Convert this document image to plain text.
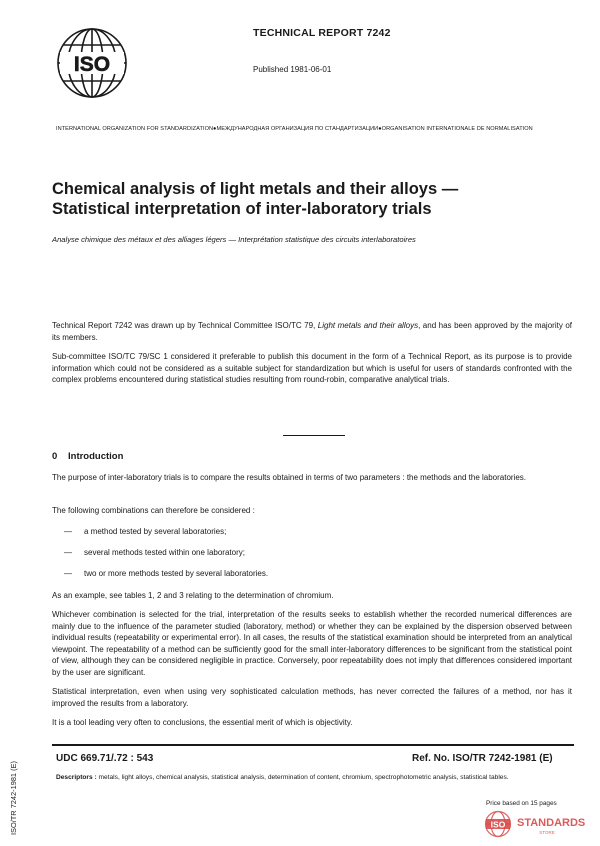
ISO
TECHNICAL REPORT 7242
Published 1981-06-01
INTERNATIONAL ORGANIZATION FOR STANDARDIZATION●МЕЖДУНАРОДНАЯ ОРГАНИЗАЦИЯ ПО СТАНДАРТИЗАЦИИ●ORGANISATION INTERNATIONALE DE NORMALISATION
Chemical analysis of light metals and their alloys —
Statistical interpretation of inter-laboratory trials
Analyse chimique des métaux et des alliages légers — Interprétation statistique des circuits interlaboratoires
Technical Report 7242 was drawn up by Technical Committee ISO/TC 79, Light metals and their alloys, and has been approved by the majority of its members.
Sub-committee ISO/TC 79/SC 1 considered it preferable to publish this document in the form of a Technical Report, as its purpose is to provide information which could not be considered as a suitable subject for standardization but which is useful for users of standards confronted with the complex problems encountered during statistical studies resulting from round-robin, comparative analytical trials.
0 Introduction
The purpose of inter-laboratory trials is to compare the results obtained in terms of two parameters : the methods and the laboratories.
The following combinations can therefore be considered :
— a method tested by several laboratories;
— several methods tested within one laboratory;
— two or more methods tested by several laboratories.
As an example, see tables 1, 2 and 3 relating to the determination of chromium.
Whichever combination is selected for the trial, interpretation of the results seeks to establish whether the recorded numerical differences are mainly due to the influence of the parameter studied (laboratory, method) or whether they can be explained by the dispersion observed between individual results (repeatability or experimental error). In all cases, the results of the statistical examination should be interpreted from an analytical viewpoint. The repeatability of a method can be sufficiently good for the small inter-laboratory differences to be significant from the statistical point of view, although they can be considered negligible in practice. Conversely, poor repeatability does not imply that differences considered important by the user are significant.
Statistical interpretation, even when using very sophisticated calculation methods, has never corrected the failures of a method, nor has it improved the results from a laboratory.
It is a tool leading very often to conclusions, the essential merit of which is objectivity.
UDC 669.71/.72 : 543	Ref. No. ISO/TR 7242-1981 (E)
Descriptors : metals, light alloys, chemical analysis, statistical analysis, determination of content, chromium, spectrophotometric analysis, statistical tables.
Price based on 15 pages
ISO STANDARDS
STORE
ISO/TR 7242-1981 (E)
